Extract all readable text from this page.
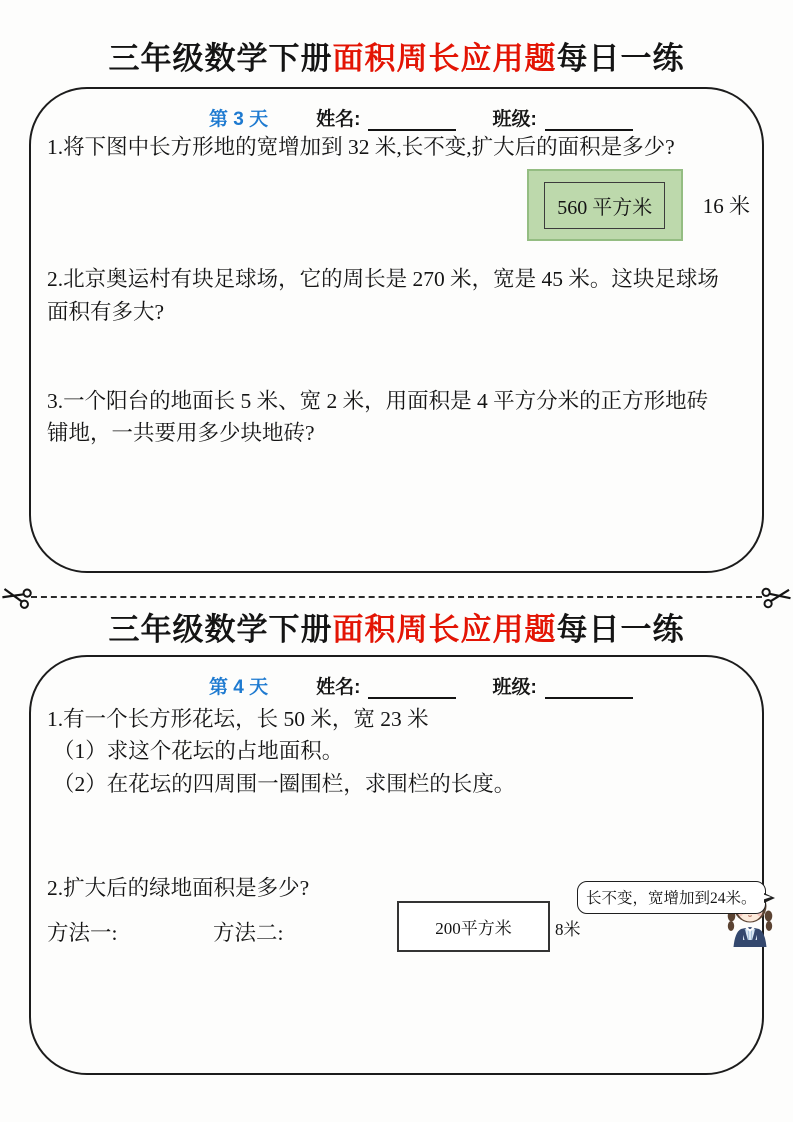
三年级数学下册面积周长应用题每日一练
第 3 天	姓名:	班级:

1.将下图中长方形地的宽增加到 32 米,长不变,扩大后的面积是多少?

560 平方米	16 米

2.北京奥运村有块足球场，它的周长是 270 米，宽是 45 米。这块足球场面积有多大?

3.一个阳台的地面长 5 米、宽 2 米，用面积是 4 平方分米的正方形地砖铺地，一共要用多少块地砖?

三年级数学下册面积周长应用题每日一练
第 4 天	姓名:	班级:

1.有一个长方形花坛，长 50 米，宽 23 米

（1）求这个花坛的占地面积。

（2）在花坛的四周围一圈围栏，求围栏的长度。

2.扩大后的绿地面积是多少?
方法一:	方法二:	200平方米	8米
长不变，宽增加到24米。
